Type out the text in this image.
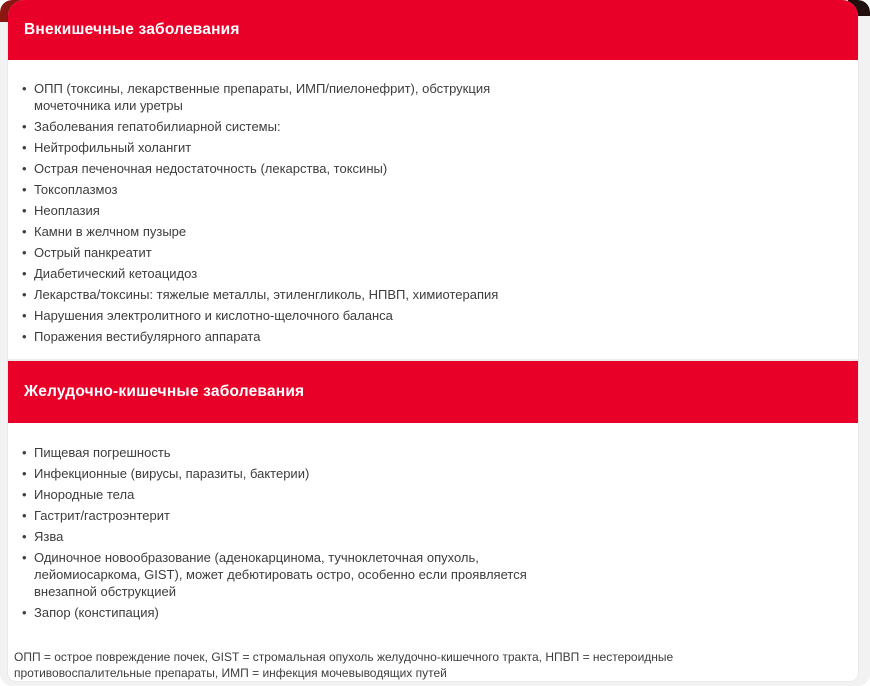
Внекишечные заболевания
• ОПП (токсины, лекарственные препараты, ИМП/пиелонефрит), обструкция мочеточника или уретры
• Заболевания гепатобилиарной системы:
• Нейтрофильный холангит
• Острая печеночная недостаточность (лекарства, токсины)
• Токсоплазмоз
• Неоплазия
• Камни в желчном пузыре
• Острый панкреатит
• Диабетический кетоацидоз
• Лекарства/токсины: тяжелые металлы, этиленгликоль, НПВП, химиотерапия
• Нарушения электролитного и кислотно-щелочного баланса
• Поражения вестибулярного аппарата
Желудочно-кишечные заболевания
• Пищевая погрешность
• Инфекционные (вирусы, паразиты, бактерии)
• Инородные тела
• Гастрит/гастроэнтерит
• Язва
• Одиночное новообразование (аденокарцинома, тучноклеточная опухоль, лейомиосаркома, GIST), может дебютировать остро, особенно если проявляется внезапной обструкцией
• Запор (констипация)

ОПП = острое повреждение почек, GIST = стромальная опухоль желудочно-кишечного тракта, НПВП = нестероидные противовоспалительные препараты, ИМП = инфекция мочевыводящих путей
